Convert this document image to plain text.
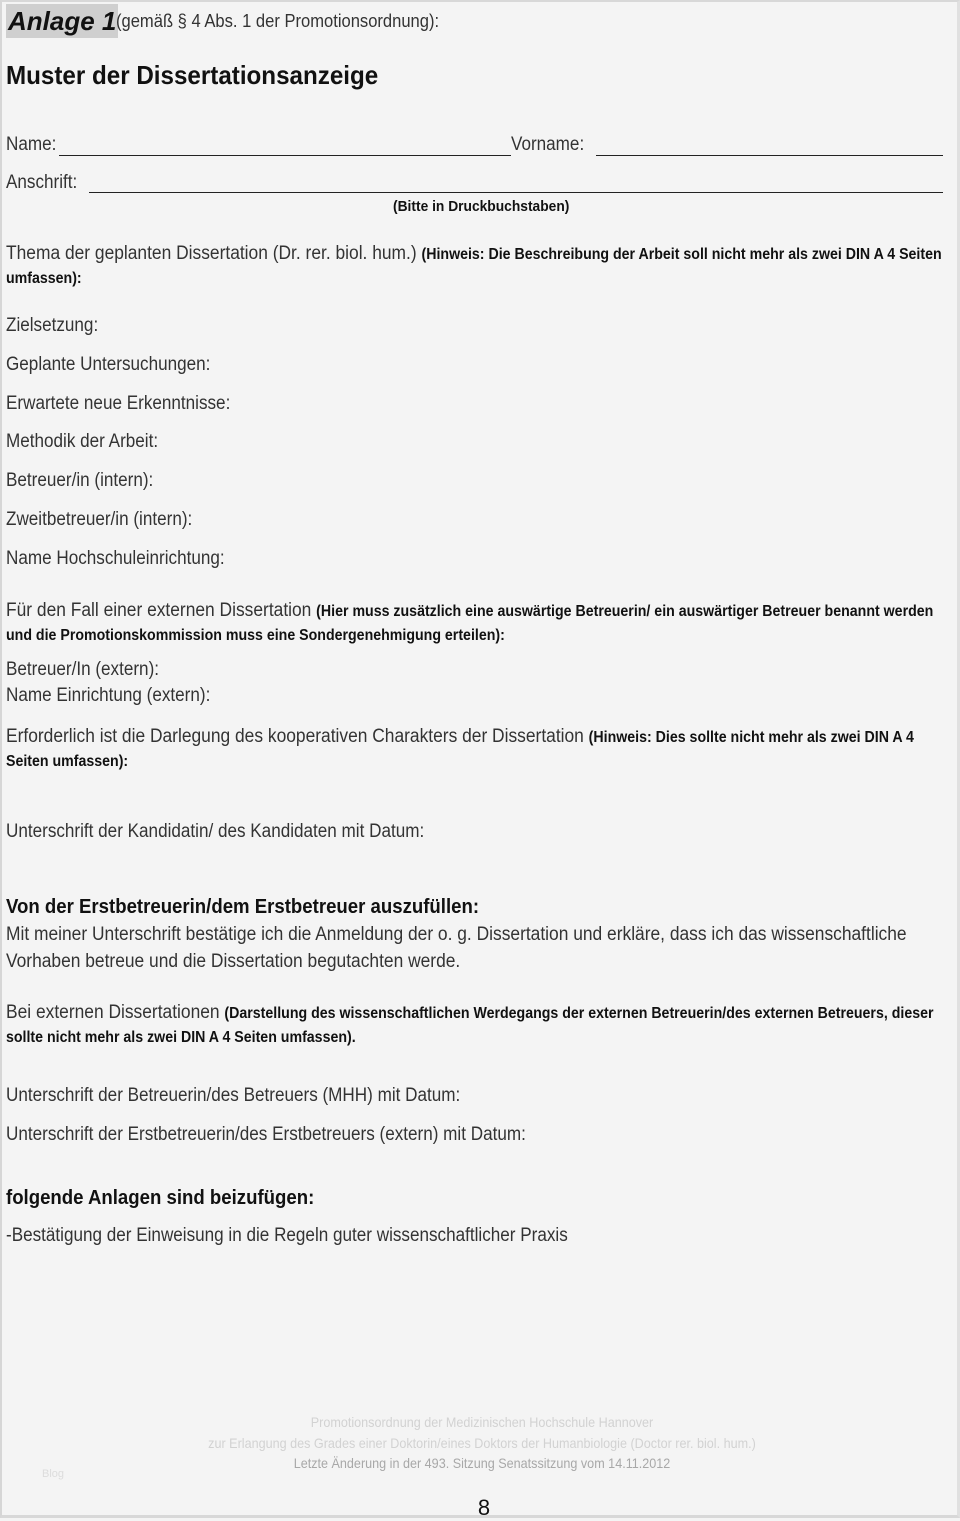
Anlage 1 (gemäß § 4 Abs. 1 der Promotionsordnung):
Muster der Dissertationsanzeige
Name:	Vorname:
Anschrift:
(Bitte in Druckbuchstaben)
Thema der geplanten Dissertation (Dr. rer. biol. hum.) (Hinweis: Die Beschreibung der Arbeit soll nicht mehr als zwei DIN A 4 Seiten umfassen):
Zielsetzung:
Geplante Untersuchungen:
Erwartete neue Erkenntnisse:
Methodik der Arbeit:
Betreuer/in (intern):
Zweitbetreuer/in (intern):
Name Hochschuleinrichtung:
Für den Fall einer externen Dissertation (Hier muss zusätzlich eine auswärtige Betreuerin/ ein auswärtiger Betreuer benannt werden und die Promotionskommission muss eine Sondergenehmigung erteilen):
Betreuer/In (extern):
Name Einrichtung (extern):
Erforderlich ist die Darlegung des kooperativen Charakters der Dissertation (Hinweis: Dies sollte nicht mehr als zwei DIN A 4 Seiten umfassen):
Unterschrift der Kandidatin/ des Kandidaten mit Datum:
Von der Erstbetreuerin/dem Erstbetreuer auszufüllen:
Mit meiner Unterschrift bestätige ich die Anmeldung der o. g. Dissertation und erkläre, dass ich das wissenschaftliche Vorhaben betreue und die Dissertation begutachten werde.
Bei externen Dissertationen (Darstellung des wissenschaftlichen Werdegangs der externen Betreuerin/des externen Betreuers, dieser sollte nicht mehr als zwei DIN A 4 Seiten umfassen).
Unterschrift der Betreuerin/des Betreuers (MHH) mit Datum:
Unterschrift der Erstbetreuerin/des Erstbetreuers (extern) mit Datum:
folgende Anlagen sind beizufügen:
-Bestätigung der Einweisung in die Regeln guter wissenschaftlicher Praxis
Promotionsordnung der Medizinischen Hochschule Hannover
zur Erlangung des Grades einer Doktorin/eines Doktors der Humanbiologie (Doctor rer. biol. hum.)
Letzte Änderung in der 493. Sitzung Senatssitzung vom 14.11.2012
Blog
8
